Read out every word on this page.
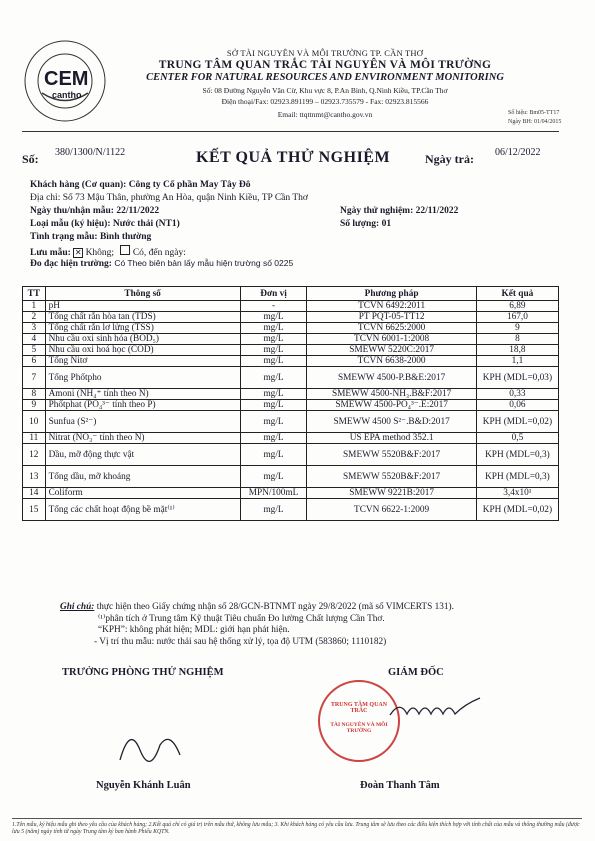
CEM
cantho
SỞ TÀI NGUYÊN VÀ MÔI TRƯỜNG TP. CẦN THƠ
TRUNG TÂM QUAN TRẮC TÀI NGUYÊN VÀ MÔI TRƯỜNG
CENTER FOR NATURAL RESOURCES AND ENVIRONMENT MONITORING
Số: 08 Đường Nguyễn Văn Cừ, Khu vực 8, P.An Bình, Q.Ninh Kiều, TP.Cần Thơ
Điện thoại/Fax: 02923.891199 – 02923.735579 - Fax: 02923.815566
Email: ttqttnmt@cantho.gov.vn	Số hiệu: Bm05-TT17
Ngày BH: 01/04/2015
Số: 380/1300/N/1122	KẾT QUẢ THỬ NGHIỆM	Ngày trả: 06/12/2022
Khách hàng (Cơ quan): Công ty Cổ phần May Tây Đô
Địa chỉ: Số 73 Mậu Thân, phường An Hòa, quận Ninh Kiều, TP Cần Thơ
Ngày thu/nhận mẫu: 22/11/2022	Ngày thử nghiệm: 22/11/2022
Loại mẫu (ký hiệu): Nước thải (NT1)	Số lượng: 01
Tình trạng mẫu: Bình thường
Lưu mẫu: ✕ Không; Có, đến ngày:
Đo đạc hiện trường: Có Theo biên bản lấy mẫu hiện trường số 0225
TT	Thông số	Đơn vị	Phương pháp	Kết quả
1	pH	-	TCVN 6492:2011	6,89
2	Tổng chất rắn hòa tan (TDS)	mg/L	PT PQT-05-TT12	167,0
3	Tổng chất rắn lơ lửng (TSS)	mg/L	TCVN 6625:2000	9
4	Nhu cầu oxi sinh hóa (BOD₅)	mg/L	TCVN 6001-1:2008	8
5	Nhu cầu oxi hoá học (COD)	mg/L	SMEWW 5220C:2017	18,8
6	Tổng Nitơ	mg/L	TCVN 6638-2000	1,1
7	Tổng Phốtpho	mg/L	SMEWW 4500-P.B&E:2017	KPH (MDL=0,03)
8	Amoni (NH₄⁺ tính theo N)	mg/L	SMEWW 4500-NH₃.B&F:2017	0,33
9	Phốtphat (PO₄³⁻ tính theo P)	mg/L	SMEWW 4500-PO₄³⁻.E:2017	0,06
10	Sunfua (S²⁻)	mg/L	SMEWW 4500 S²⁻.B&D:2017	KPH (MDL=0,02)
11	Nitrat (NO₃⁻ tính theo N)	mg/L	US EPA method 352.1	0,5
12	Dầu, mỡ động thực vật	mg/L	SMEWW 5520B&F:2017	KPH (MDL=0,3)
13	Tổng dầu, mỡ khoáng	mg/L	SMEWW 5520B&F:2017	KPH (MDL=0,3)
14	Coliform	MPN/100mL	SMEWW 9221B:2017	3,4x10¹
15	Tổng các chất hoạt động bề mặt⁽¹⁾	mg/L	TCVN 6622-1:2009	KPH (MDL=0,02)
Ghi chú: thực hiện theo Giấy chứng nhận số 28/GCN-BTNMT ngày 29/8/2022 (mã số VIMCERTS 131).
⁽¹⁾phân tích ở Trung tâm Kỹ thuật Tiêu chuẩn Đo lường Chất lượng Cần Thơ.
“KPH”: không phát hiện; MDL: giới hạn phát hiện.
- Vị trí thu mẫu: nước thải sau hệ thống xử lý, tọa độ UTM (583860; 1110182)
TRƯỞNG PHÒNG THỬ NGHIỆM
Nguyễn Khánh Luân
GIÁM ĐỐC
Đoàn Thanh Tâm
TRUNG TÂM QUAN TRẮC
TÀI NGUYÊN VÀ MÔI TRƯỜNG
1.Tên mẫu, ký hiệu mẫu ghi theo yêu cầu của khách hàng; 2.Kết quả chỉ có giá trị trên mẫu thử, không lưu mẫu; 3. Khi khách hàng có yêu cầu lưu. Trung tâm sẽ lưu theo các điều kiện thích hợp với tính chất của mẫu và thông thường mẫu (được lưu 5 (năm) ngày tính từ ngày Trung tâm ký ban hành Phiếu KQTN.
